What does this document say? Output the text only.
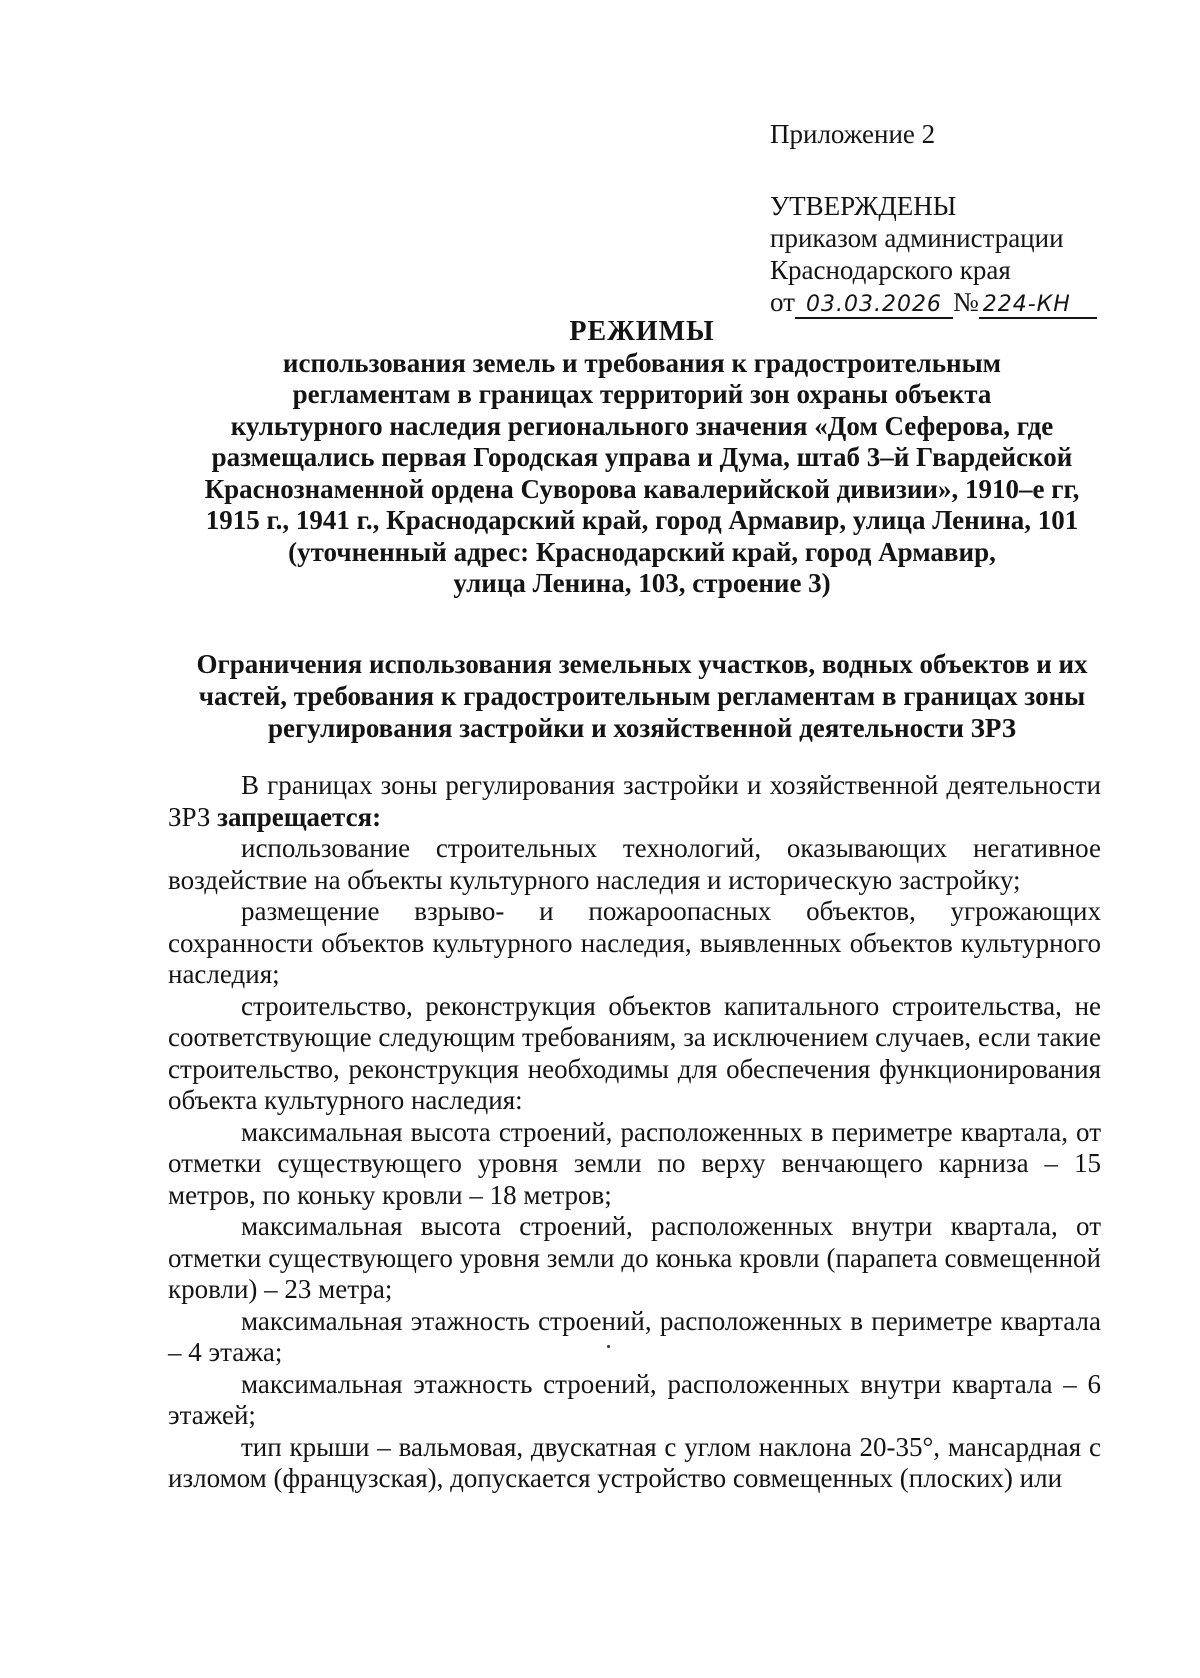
Приложение 2

УТВЕРЖДЕНЫ

приказом администрации

Краснодарского края

от 03.03.2026 № 224-КН

РЕЖИМЫ

использования земель и требования к градостроительным

регламентам в границах территорий зон охраны объекта

культурного наследия регионального значения «Дом Сеферова, где

размещались первая Городская управа и Дума, штаб 3–й Гвардейской

Краснознаменной ордена Суворова кавалерийской дивизии», 1910–е гг,

1915 г., 1941 г., Краснодарский край, город Армавир, улица Ленина, 101

(уточненный адрес: Краснодарский край, город Армавир,

улица Ленина, 103, строение 3)

Ограничения использования земельных участков, водных объектов и их частей, требования к градостроительным регламентам в границах зоны регулирования застройки и хозяйственной деятельности ЗРЗ

В границах зоны регулирования застройки и хозяйственной деятельности ЗРЗ запрещается:

использование строительных технологий, оказывающих негативное воздействие на объекты культурного наследия и историческую застройку;

размещение взрыво- и пожароопасных объектов, угрожающих сохранности объектов культурного наследия, выявленных объектов культурного наследия;

строительство, реконструкция объектов капитального строительства, не соответствующие следующим требованиям, за исключением случаев, если такие строительство, реконструкция необходимы для обеспечения функционирования объекта культурного наследия:

максимальная высота строений, расположенных в периметре квартала, от отметки существующего уровня земли по верху венчающего карниза – 15 метров, по коньку кровли – 18 метров;

максимальная высота строений, расположенных внутри квартала, от отметки существующего уровня земли до конька кровли (парапета совмещенной кровли) – 23 метра;

максимальная этажность строений, расположенных в периметре квартала – 4 этажа;

максимальная этажность строений, расположенных внутри квартала – 6 этажей;

тип крыши – вальмовая, двускатная с углом наклона 20-35°, мансардная с изломом (французская), допускается устройство совмещенных (плоских) или
